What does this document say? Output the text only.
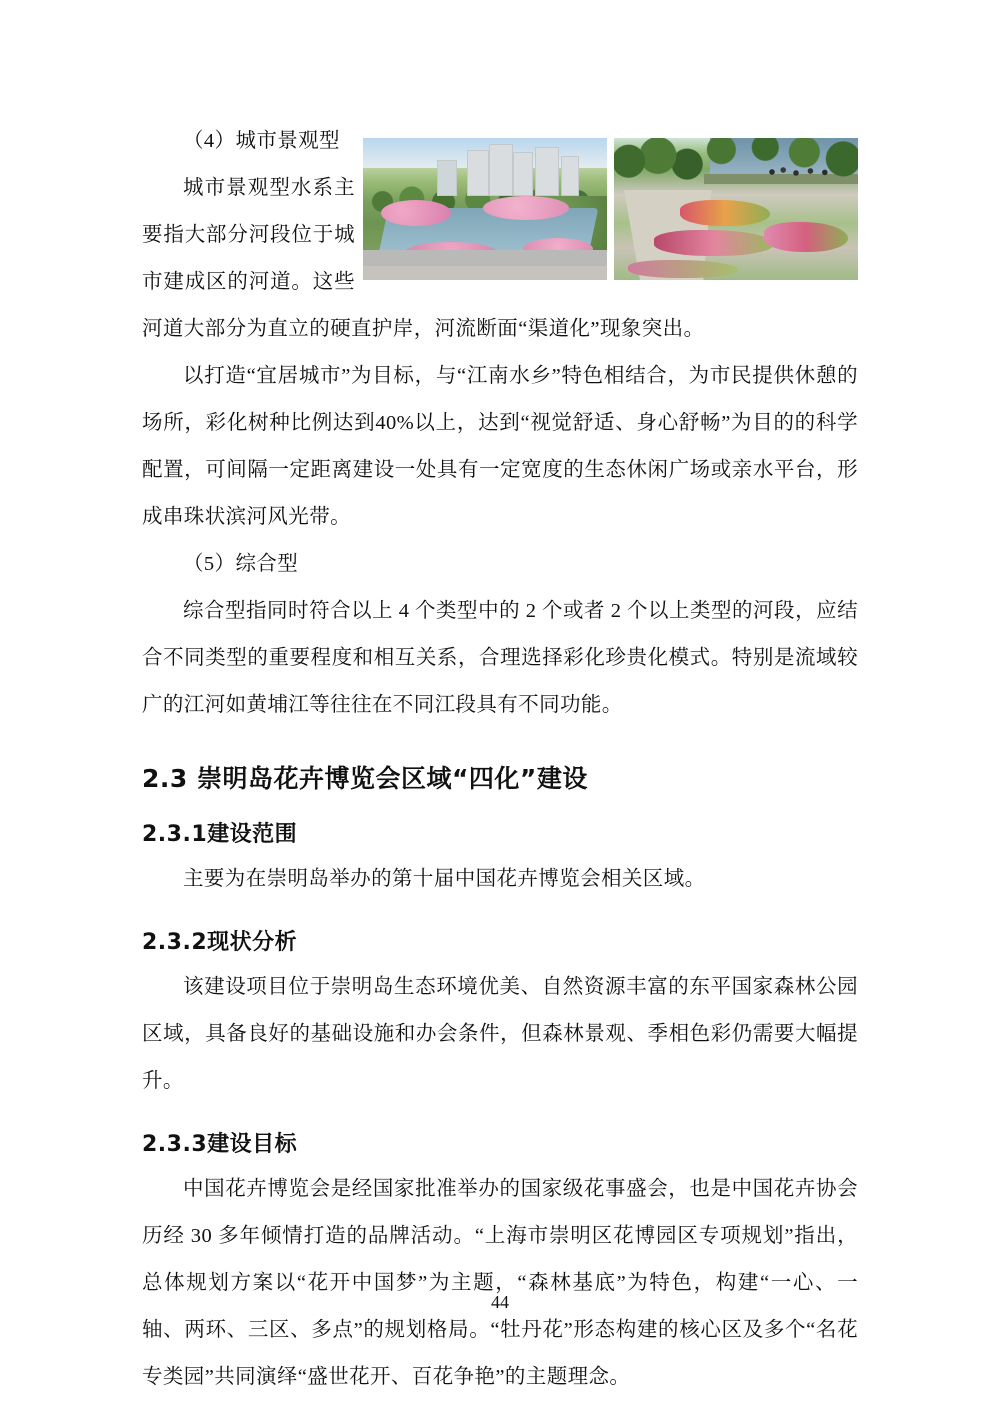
（4）城市景观型

城市景观型水系主要指大部分河段位于城市建成区的河道。这些河道大部分为直立的硬直护岸，河流断面“渠道化”现象突出。

以打造“宜居城市”为目标，与“江南水乡”特色相结合，为市民提供休憩的场所，彩化树种比例达到40%以上，达到“视觉舒适、身心舒畅”为目的的科学配置，可间隔一定距离建设一处具有一定宽度的生态休闲广场或亲水平台，形成串珠状滨河风光带。

（5）综合型

综合型指同时符合以上 4 个类型中的 2 个或者 2 个以上类型的河段，应结合不同类型的重要程度和相互关系，合理选择彩化珍贵化模式。特别是流域较广的江河如黄埔江等往往在不同江段具有不同功能。

2.3 崇明岛花卉博览会区域“四化”建设
2.3.1建设范围

主要为在崇明岛举办的第十届中国花卉博览会相关区域。

2.3.2现状分析

该建设项目位于崇明岛生态环境优美、自然资源丰富的东平国家森林公园区域，具备良好的基础设施和办会条件，但森林景观、季相色彩仍需要大幅提升。

2.3.3建设目标

中国花卉博览会是经国家批准举办的国家级花事盛会，也是中国花卉协会历经 30 多年倾情打造的品牌活动。“上海市崇明区花博园区专项规划”指出，总体规划方案以“花开中国梦”为主题，“森林基底”为特色，构建“一心、一轴、两环、三区、多点”的规划格局。“牡丹花”形态构建的核心区及多个“名花专类园”共同演绎“盛世花开、百花争艳”的主题理念。

44
